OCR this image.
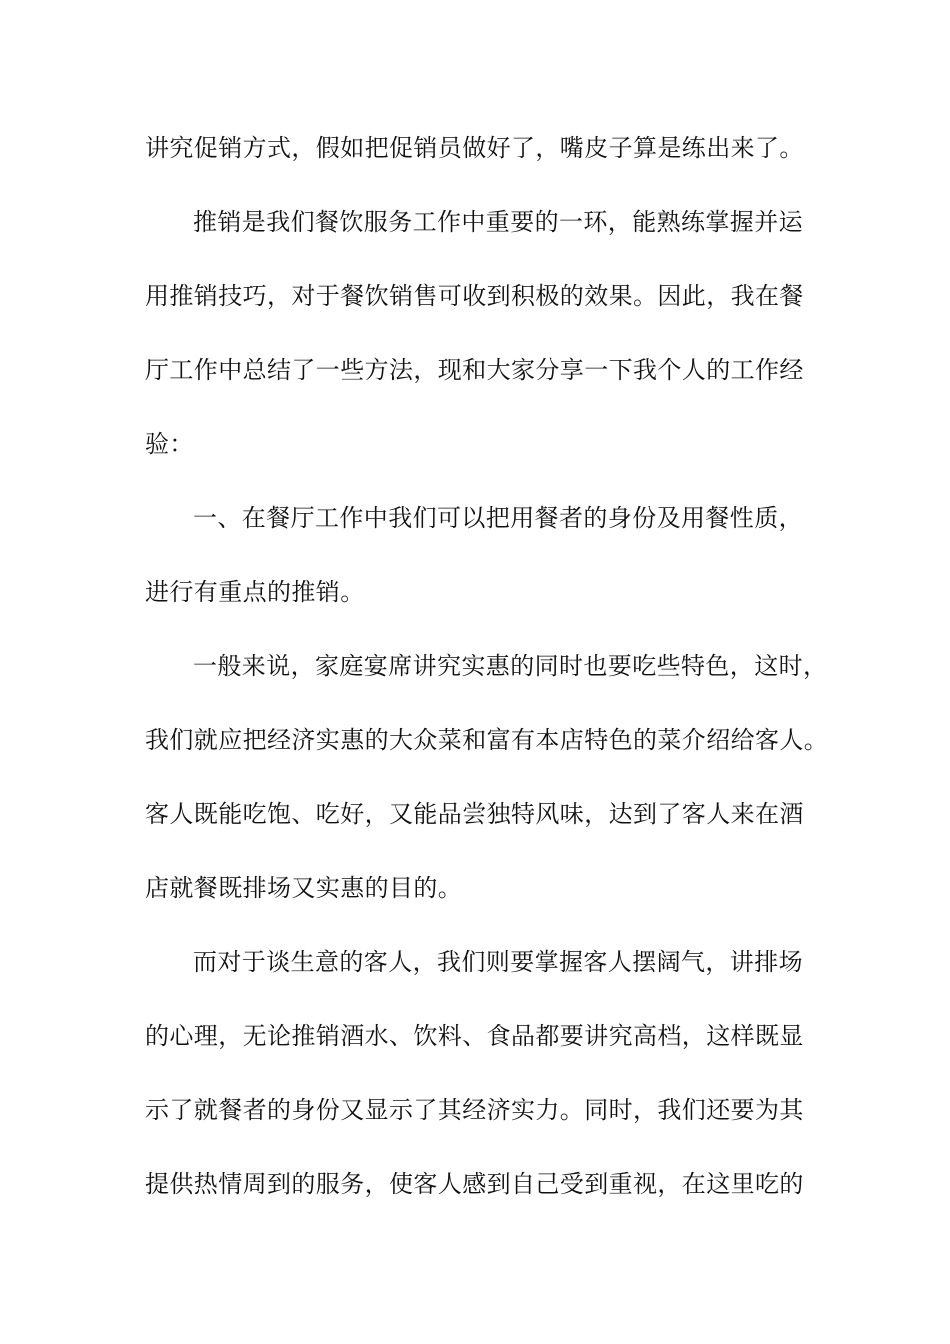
讲究促销方式，假如把促销员做好了，嘴皮子算是练出来了。
推销是我们餐饮服务工作中重要的一环，能熟练掌握并运
用推销技巧，对于餐饮销售可收到积极的效果。因此，我在餐
厅工作中总结了一些方法，现和大家分享一下我个人的工作经
验：
一、在餐厅工作中我们可以把用餐者的身份及用餐性质，
进行有重点的推销。
一般来说，家庭宴席讲究实惠的同时也要吃些特色，这时，
我们就应把经济实惠的大众菜和富有本店特色的菜介绍给客人。
客人既能吃饱、吃好，又能品尝独特风味，达到了客人来在酒
店就餐既排场又实惠的目的。
而对于谈生意的客人，我们则要掌握客人摆阔气，讲排场
的心理，无论推销酒水、饮料、食品都要讲究高档，这样既显
示了就餐者的身份又显示了其经济实力。同时，我们还要为其
提供热情周到的服务，使客人感到自己受到重视，在这里吃的
